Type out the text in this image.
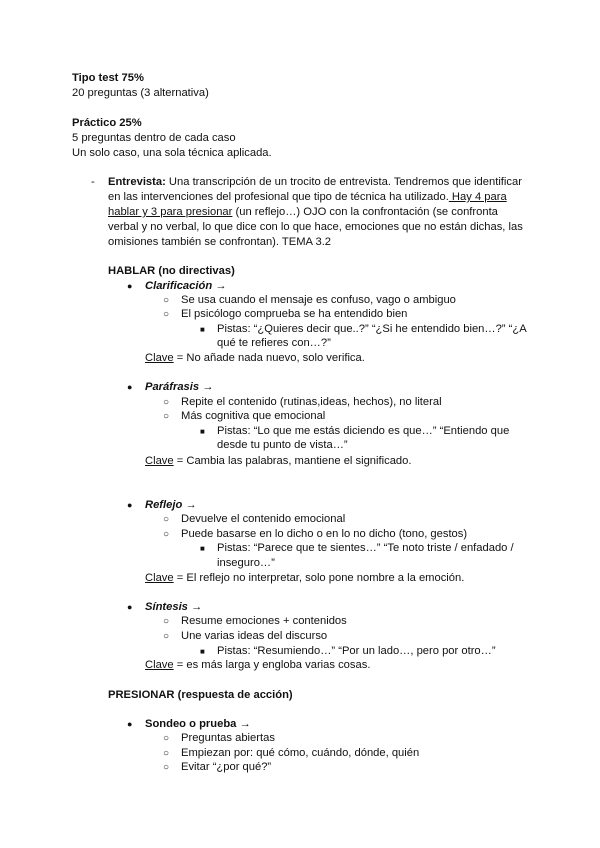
Tipo test 75%
20 preguntas (3 alternativa)
Práctico 25%
5 preguntas dentro de cada caso
Un solo caso, una sola técnica aplicada.
- Entrevista: Una transcripción de un trocito de entrevista. Tendremos que identificar
en las intervenciones del profesional que tipo de técnica ha utilizado. Hay 4 para
hablar y 3 para presionar (un reflejo…) OJO con la confrontación (se confronta
verbal y no verbal, lo que dice con lo que hace, emociones que no están dichas, las
omisiones también se confrontan). TEMA 3.2
HABLAR (no directivas)
● Clarificación →
○ Se usa cuando el mensaje es confuso, vago o ambiguo
○ El psicólogo comprueba se ha entendido bien
■ Pistas: “¿Quieres decir que..?” “¿Si he entendido bien…?” “¿A
qué te refieres con…?”
Clave = No añade nada nuevo, solo verifica.
● Paráfrasis →
○ Repite el contenido (rutinas,ideas, hechos), no literal
○ Más cognitiva que emocional
■ Pistas: “Lo que me estás diciendo es que…” “Entiendo que
desde tu punto de vista…”
Clave = Cambia las palabras, mantiene el significado.
● Reflejo →
○ Devuelve el contenido emocional
○ Puede basarse en lo dicho o en lo no dicho (tono, gestos)
■ Pistas: “Parece que te sientes…” “Te noto triste / enfadado /
inseguro…”
Clave = El reflejo no interpretar, solo pone nombre a la emoción.
● Síntesis →
○ Resume emociones + contenidos
○ Une varias ideas del discurso
■ Pistas: “Resumiendo…” “Por un lado…, pero por otro…”
Clave = es más larga y engloba varias cosas.
PRESIONAR (respuesta de acción)
● Sondeo o prueba →
○ Preguntas abiertas
○ Empiezan por: qué cómo, cuándo, dónde, quién
○ Evitar “¿por qué?”
